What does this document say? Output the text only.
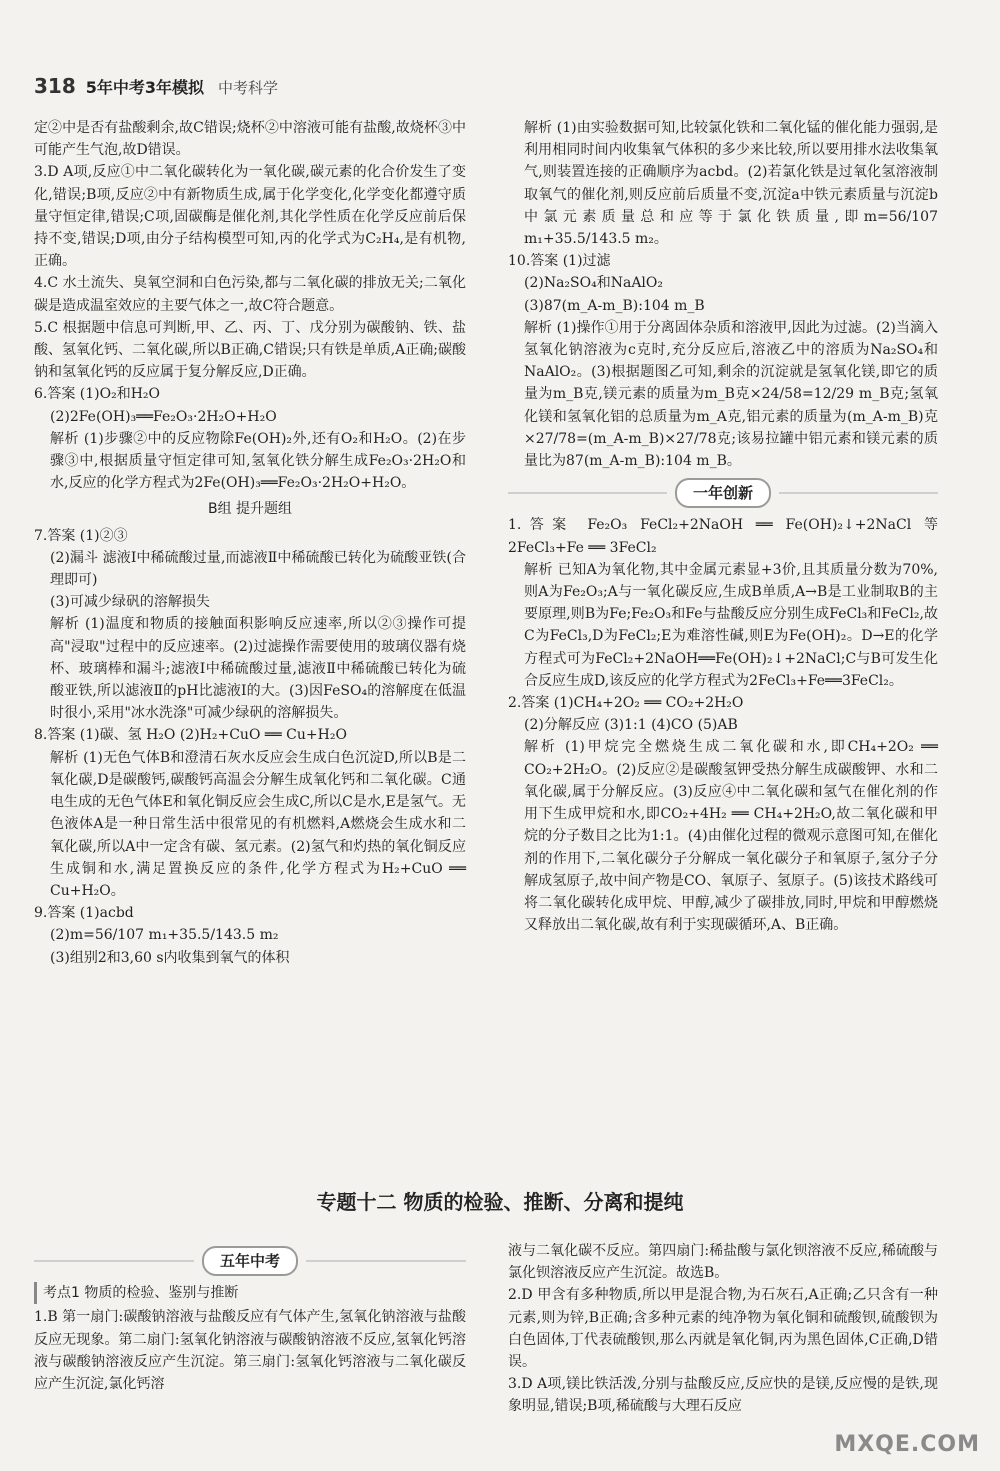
318 5年中考3年模拟 中考科学

定②中是否有盐酸剩余,故C错误;烧杯②中溶液可能有盐酸,故烧杯③中可能产生气泡,故D错误。

3.D A项,反应①中二氧化碳转化为一氧化碳,碳元素的化合价发生了变化,错误;B项,反应②中有新物质生成,属于化学变化,化学变化都遵守质量守恒定律,错误;C项,固碳酶是催化剂,其化学性质在化学反应前后保持不变,错误;D项,由分子结构模型可知,丙的化学式为C₂H₄,是有机物,正确。

4.C 水土流失、臭氧空洞和白色污染,都与二氧化碳的排放无关;二氧化碳是造成温室效应的主要气体之一,故C符合题意。

5.C 根据题中信息可判断,甲、乙、丙、丁、戊分别为碳酸钠、铁、盐酸、氢氧化钙、二氧化碳,所以B正确,C错误;只有铁是单质,A正确;碳酸钠和氢氧化钙的反应属于复分解反应,D正确。

6.答案 (1)O₂和H₂O

(2)2Fe(OH)₃══Fe₂O₃·2H₂O+H₂O

解析 (1)步骤②中的反应物除Fe(OH)₂外,还有O₂和H₂O。(2)在步骤③中,根据质量守恒定律可知,氢氧化铁分解生成Fe₂O₃·2H₂O和水,反应的化学方程式为2Fe(OH)₃══Fe₂O₃·2H₂O+H₂O。

B组 提升题组

7.答案 (1)②③

(2)漏斗 滤液Ⅰ中稀硫酸过量,而滤液Ⅱ中稀硫酸已转化为硫酸亚铁(合理即可)

(3)可减少绿矾的溶解损失

解析 (1)温度和物质的接触面积影响反应速率,所以②③操作可提高"浸取"过程中的反应速率。(2)过滤操作需要使用的玻璃仪器有烧杯、玻璃棒和漏斗;滤液Ⅰ中稀硫酸过量,滤液Ⅱ中稀硫酸已转化为硫酸亚铁,所以滤液Ⅱ的pH比滤液Ⅰ的大。(3)因FeSO₄的溶解度在低温时很小,采用"冰水洗涤"可减少绿矾的溶解损失。

8.答案 (1)碳、氢 H₂O (2)H₂+CuO ══ Cu+H₂O

解析 (1)无色气体B和澄清石灰水反应会生成白色沉淀D,所以B是二氧化碳,D是碳酸钙,碳酸钙高温会分解生成氧化钙和二氧化碳。C通电生成的无色气体E和氧化铜反应会生成C,所以C是水,E是氢气。无色液体A是一种日常生活中很常见的有机燃料,A燃烧会生成水和二氧化碳,所以A中一定含有碳、氢元素。(2)氢气和灼热的氧化铜反应生成铜和水,满足置换反应的条件,化学方程式为H₂+CuO ══ Cu+H₂O。

9.答案 (1)acbd

(2)m=56/107 m₁+35.5/143.5 m₂

(3)组别2和3,60 s内收集到氧气的体积

解析 (1)由实验数据可知,比较氯化铁和二氧化锰的催化能力强弱,是利用相同时间内收集氧气体积的多少来比较,所以要用排水法收集氧气,则装置连接的正确顺序为acbd。(2)若氯化铁是过氧化氢溶液制取氧气的催化剂,则反应前后质量不变,沉淀a中铁元素质量与沉淀b中氯元素质量总和应等于氯化铁质量,即m=56/107 m₁+35.5/143.5 m₂。

10.答案 (1)过滤

(2)Na₂SO₄和NaAlO₂

(3)87(m_A-m_B):104 m_B

解析 (1)操作①用于分离固体杂质和溶液甲,因此为过滤。(2)当滴入氢氧化钠溶液为c克时,充分反应后,溶液乙中的溶质为Na₂SO₄和NaAlO₂。(3)根据题图乙可知,剩余的沉淀就是氢氧化镁,即它的质量为m_B克,镁元素的质量为m_B克×24/58=12/29 m_B克;氢氧化镁和氢氧化铝的总质量为m_A克,铝元素的质量为(m_A-m_B)克×27/78=(m_A-m_B)×27/78克;该易拉罐中铝元素和镁元素的质量比为87(m_A-m_B):104 m_B。

一年创新

1.答案 Fe₂O₃ FeCl₂+2NaOH ══ Fe(OH)₂↓+2NaCl 等 2FeCl₃+Fe ══ 3FeCl₂

解析 已知A为氧化物,其中金属元素显+3价,且其质量分数为70%,则A为Fe₂O₃;A与一氧化碳反应,生成B单质,A→B是工业制取B的主要原理,则B为Fe;Fe₂O₃和Fe与盐酸反应分别生成FeCl₃和FeCl₂,故C为FeCl₃,D为FeCl₂;E为难溶性碱,则E为Fe(OH)₂。D→E的化学方程式可为FeCl₂+2NaOH══Fe(OH)₂↓+2NaCl;C与B可发生化合反应生成D,该反应的化学方程式为2FeCl₃+Fe══3FeCl₂。

2.答案 (1)CH₄+2O₂ ══ CO₂+2H₂O

(2)分解反应 (3)1:1 (4)CO (5)AB

解析 (1)甲烷完全燃烧生成二氧化碳和水,即CH₄+2O₂ ══ CO₂+2H₂O。(2)反应②是碳酸氢钾受热分解生成碳酸钾、水和二氧化碳,属于分解反应。(3)反应④中二氧化碳和氢气在催化剂的作用下生成甲烷和水,即CO₂+4H₂ ══ CH₄+2H₂O,故二氧化碳和甲烷的分子数目之比为1:1。(4)由催化过程的微观示意图可知,在催化剂的作用下,二氧化碳分子分解成一氧化碳分子和氧原子,氢分子分解成氢原子,故中间产物是CO、氧原子、氢原子。(5)该技术路线可将二氧化碳转化成甲烷、甲醇,减少了碳排放,同时,甲烷和甲醇燃烧又释放出二氧化碳,故有利于实现碳循环,A、B正确。

专题十二 物质的检验、推断、分离和提纯
五年中考
考点1 物质的检验、鉴别与推断

1.B 第一扇门:碳酸钠溶液与盐酸反应有气体产生,氢氧化钠溶液与盐酸反应无现象。第二扇门:氢氧化钠溶液与碳酸钠溶液不反应,氢氧化钙溶液与碳酸钠溶液反应产生沉淀。第三扇门:氢氧化钙溶液与二氧化碳反应产生沉淀,氯化钙溶

液与二氧化碳不反应。第四扇门:稀盐酸与氯化钡溶液不反应,稀硫酸与氯化钡溶液反应产生沉淀。故选B。

2.D 甲含有多种物质,所以甲是混合物,为石灰石,A正确;乙只含有一种元素,则为锌,B正确;含多种元素的纯净物为氧化铜和硫酸钡,硫酸钡为白色固体,丁代表硫酸钡,那么丙就是氧化铜,丙为黑色固体,C正确,D错误。

3.D A项,镁比铁活泼,分别与盐酸反应,反应快的是镁,反应慢的是铁,现象明显,错误;B项,稀硫酸与大理石反应

MXQE.COM
